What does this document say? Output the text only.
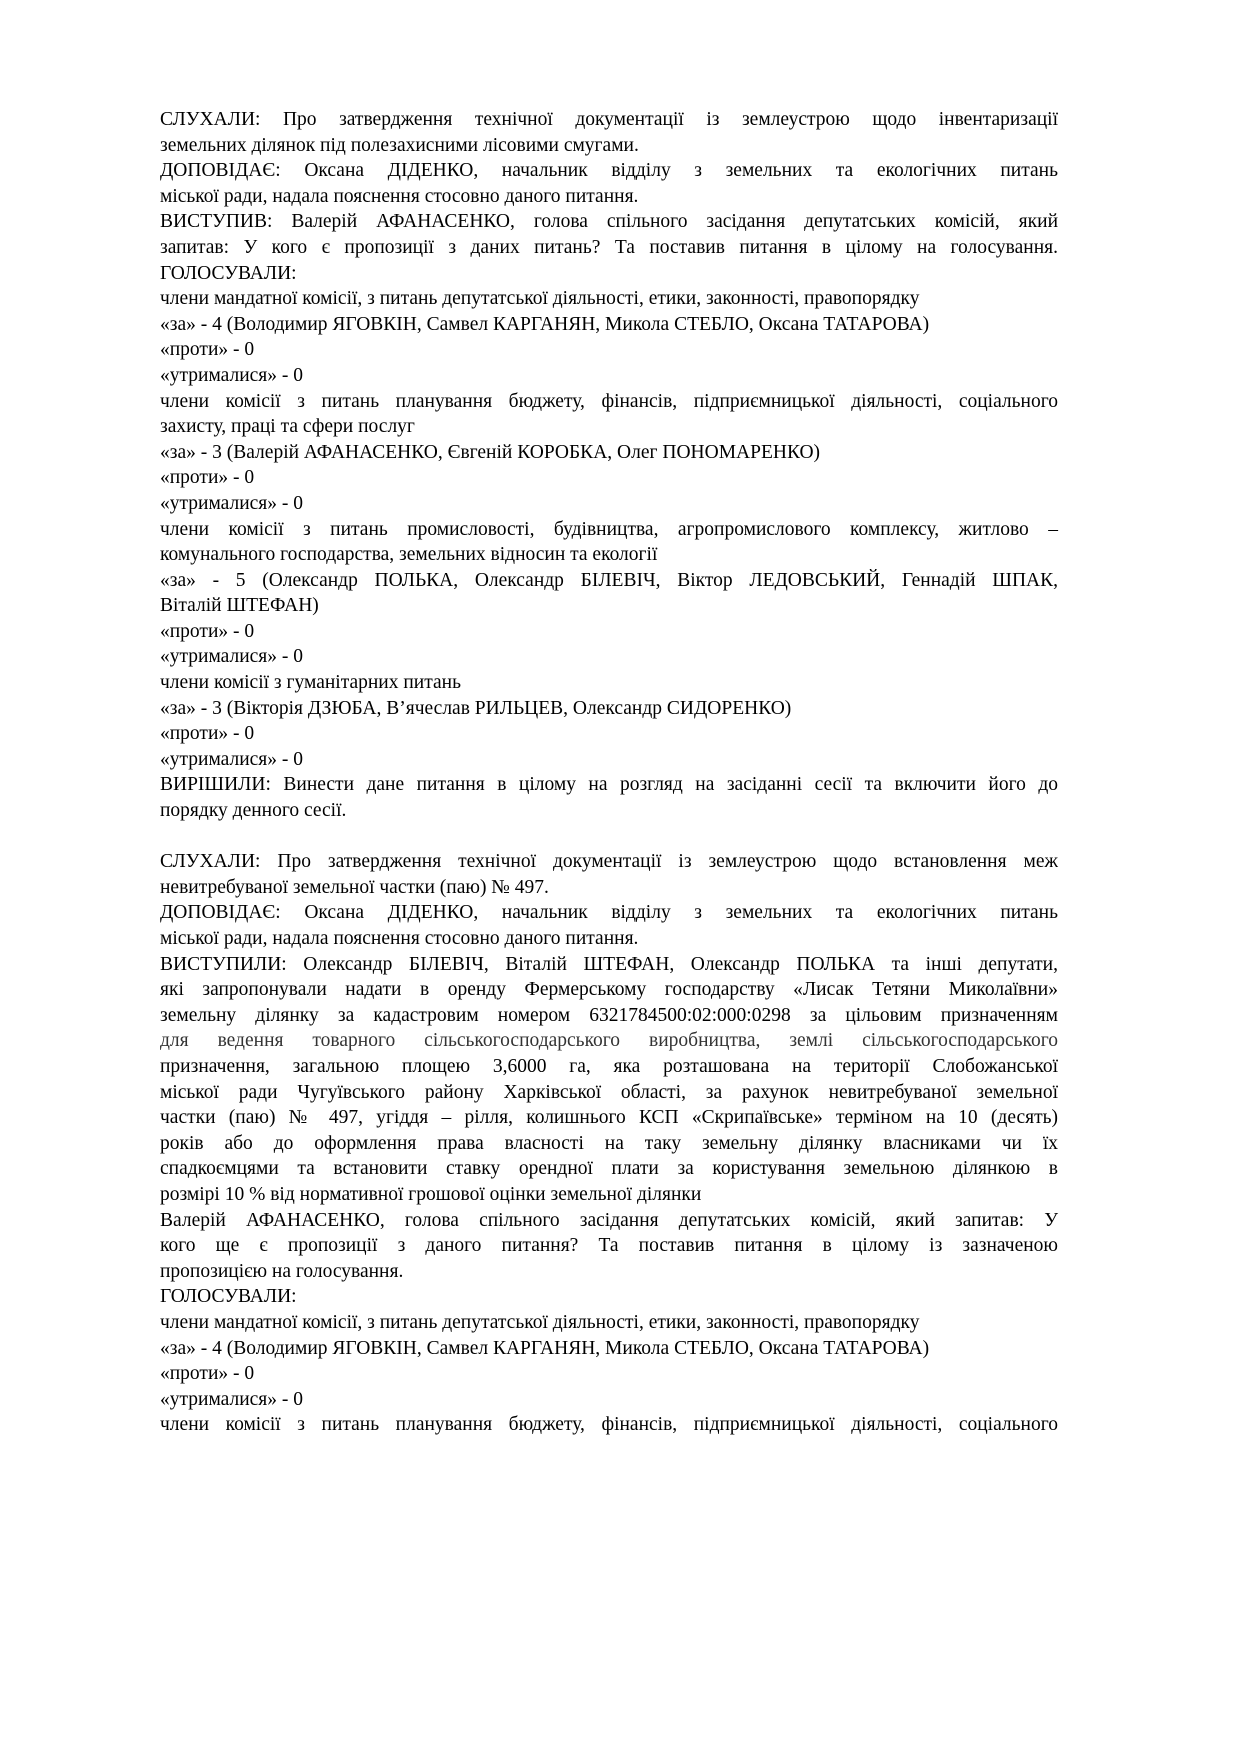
СЛУХАЛИ: Про затвердження технічної документації із землеустрою щодо інвентаризації
земельних ділянок під полезахисними лісовими смугами.
ДОПОВІДАЄ: Оксана ДІДЕНКО, начальник відділу з земельних та екологічних питань
міської ради, надала пояснення стосовно даного питання.
ВИСТУПИВ: Валерій АФАНАСЕНКО, голова спільного засідання депутатських комісій, який
запитав: У кого є пропозиції з даних питань? Та поставив питання в цілому на голосування.
ГОЛОСУВАЛИ:
члени мандатної комісії, з питань депутатської діяльності, етики, законності, правопорядку
«за» - 4 (Володимир ЯГОВКІН, Самвел КАРГАНЯН, Микола СТЕБЛО, Оксана ТАТАРОВА)
«проти» - 0
«утрималися» - 0
члени комісії з питань планування бюджету, фінансів, підприємницької діяльності, соціального
захисту, праці та сфери послуг
«за» - 3 (Валерій АФАНАСЕНКО, Євгеній КОРОБКА, Олег ПОНОМАРЕНКО)
«проти» - 0
«утрималися» - 0
члени комісії з питань промисловості, будівництва, агропромислового комплексу, житлово –
комунального господарства, земельних відносин та екології
«за» - 5 (Олександр ПОЛЬКА, Олександр БІЛЕВІЧ, Віктор ЛЕДОВСЬКИЙ, Геннадій ШПАК,
Віталій ШТЕФАН)
«проти» - 0
«утрималися» - 0
члени комісії з гуманітарних питань
«за» - 3 (Вікторія ДЗЮБА, В’ячеслав РИЛЬЦЕВ, Олександр СИДОРЕНКО)
«проти» - 0
«утрималися» - 0
ВИРІШИЛИ: Винести дане питання в цілому на розгляд на засіданні сесії та включити його до
порядку денного сесії.
СЛУХАЛИ: Про затвердження технічної документації із землеустрою щодо встановлення меж
невитребуваної земельної частки (паю) № 497.
ДОПОВІДАЄ: Оксана ДІДЕНКО, начальник відділу з земельних та екологічних питань
міської ради, надала пояснення стосовно даного питання.
ВИСТУПИЛИ: Олександр БІЛЕВІЧ, Віталій ШТЕФАН, Олександр ПОЛЬКА та інші депутати,
які запропонували надати в оренду Фермерському господарству «Лисак Тетяни Миколаївни»
земельну ділянку за кадастровим номером 6321784500:02:000:0298 за цільовим призначенням
для ведення товарного сільськогосподарського виробництва, землі сільськогосподарського
призначення, загальною площею 3,6000 га, яка розташована на території Слобожанської
міської ради Чугуївського району Харківської області, за рахунок невитребуваної земельної
частки (паю) № 497, угіддя – рілля, колишнього КСП «Скрипаївське» терміном на 10 (десять)
років або до оформлення права власності на таку земельну ділянку власниками чи їх
спадкоємцями та встановити ставку орендної плати за користування земельною ділянкою в
розмірі 10 % від нормативної грошової оцінки земельної ділянки
Валерій АФАНАСЕНКО, голова спільного засідання депутатських комісій, який запитав: У
кого ще є пропозиції з даного питання? Та поставив питання в цілому із зазначеною
пропозицією на голосування.
ГОЛОСУВАЛИ:
члени мандатної комісії, з питань депутатської діяльності, етики, законності, правопорядку
«за» - 4 (Володимир ЯГОВКІН, Самвел КАРГАНЯН, Микола СТЕБЛО, Оксана ТАТАРОВА)
«проти» - 0
«утрималися» - 0
члени комісії з питань планування бюджету, фінансів, підприємницької діяльності, соціального
